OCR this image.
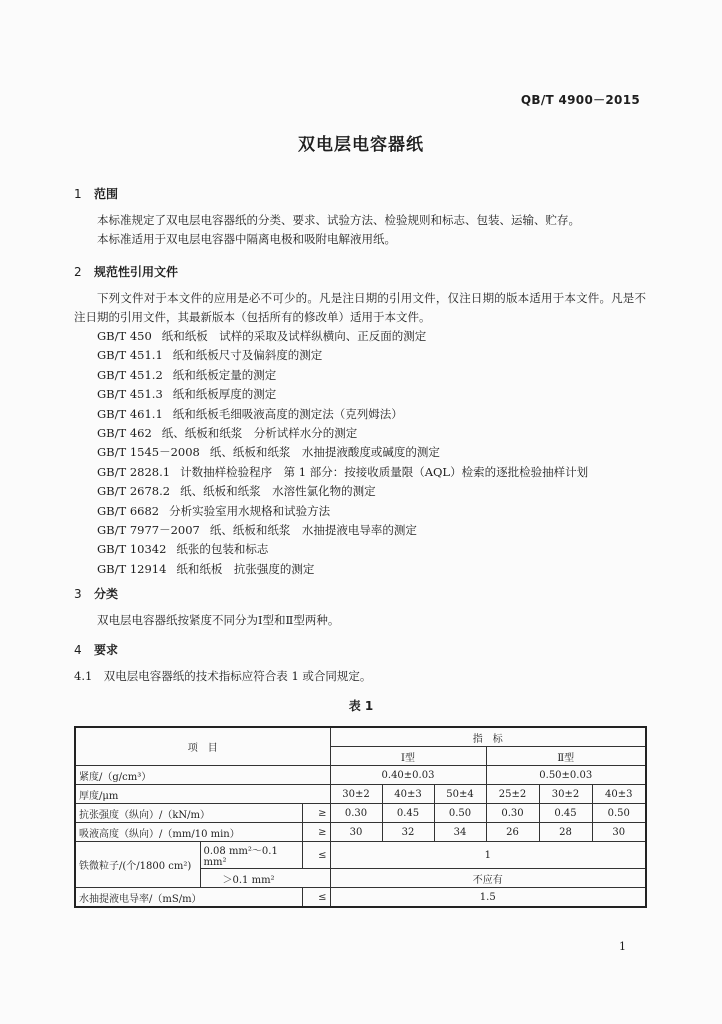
QB/T 4900－2015
双电层电容器纸
1 范围
本标准规定了双电层电容器纸的分类、要求、试验方法、检验规则和标志、包装、运输、贮存。
本标准适用于双电层电容器中隔离电极和吸附电解液用纸。
2 规范性引用文件
下列文件对于本文件的应用是必不可少的。凡是注日期的引用文件，仅注日期的版本适用于本文件。凡是不注日期的引用文件，其最新版本（包括所有的修改单）适用于本文件。
GB/T 450 纸和纸板　试样的采取及试样纵横向、正反面的测定
GB/T 451.1 纸和纸板尺寸及偏斜度的测定
GB/T 451.2 纸和纸板定量的测定
GB/T 451.3 纸和纸板厚度的测定
GB/T 461.1 纸和纸板毛细吸液高度的测定法（克列姆法）
GB/T 462 纸、纸板和纸浆　分析试样水分的测定
GB/T 1545－2008 纸、纸板和纸浆　水抽提液酸度或碱度的测定
GB/T 2828.1 计数抽样检验程序　第 1 部分：按接收质量限（AQL）检索的逐批检验抽样计划
GB/T 2678.2 纸、纸板和纸浆　水溶性氯化物的测定
GB/T 6682 分析实验室用水规格和试验方法
GB/T 7977－2007 纸、纸板和纸浆　水抽提液电导率的测定
GB/T 10342 纸张的包装和标志
GB/T 12914 纸和纸板　抗张强度的测定
3 分类
双电层电容器纸按紧度不同分为Ⅰ型和Ⅱ型两种。
4 要求
4.1　双电层电容器纸的技术指标应符合表 1 或合同规定。
表 1
项　目			指　标					
			Ⅰ型			Ⅱ型		
紧度/（g/cm³）			0.40±0.03			0.50±0.03		
厚度/μm			30±2	40±3	50±4	25±2	30±2	40±3
抗张强度（纵向）/（kN/m）		≥	0.30	0.45	0.50	0.30	0.45	0.50
吸液高度（纵向）/（mm/10 min）		≥	30	32	34	26	28	30
铁微粒子/(个/1800 cm²)	0.08 mm²～0.1 mm²	≤	1					
	＞0.1 mm²		不应有					
水抽提液电导率/（mS/m）		≤	1.5					
1
